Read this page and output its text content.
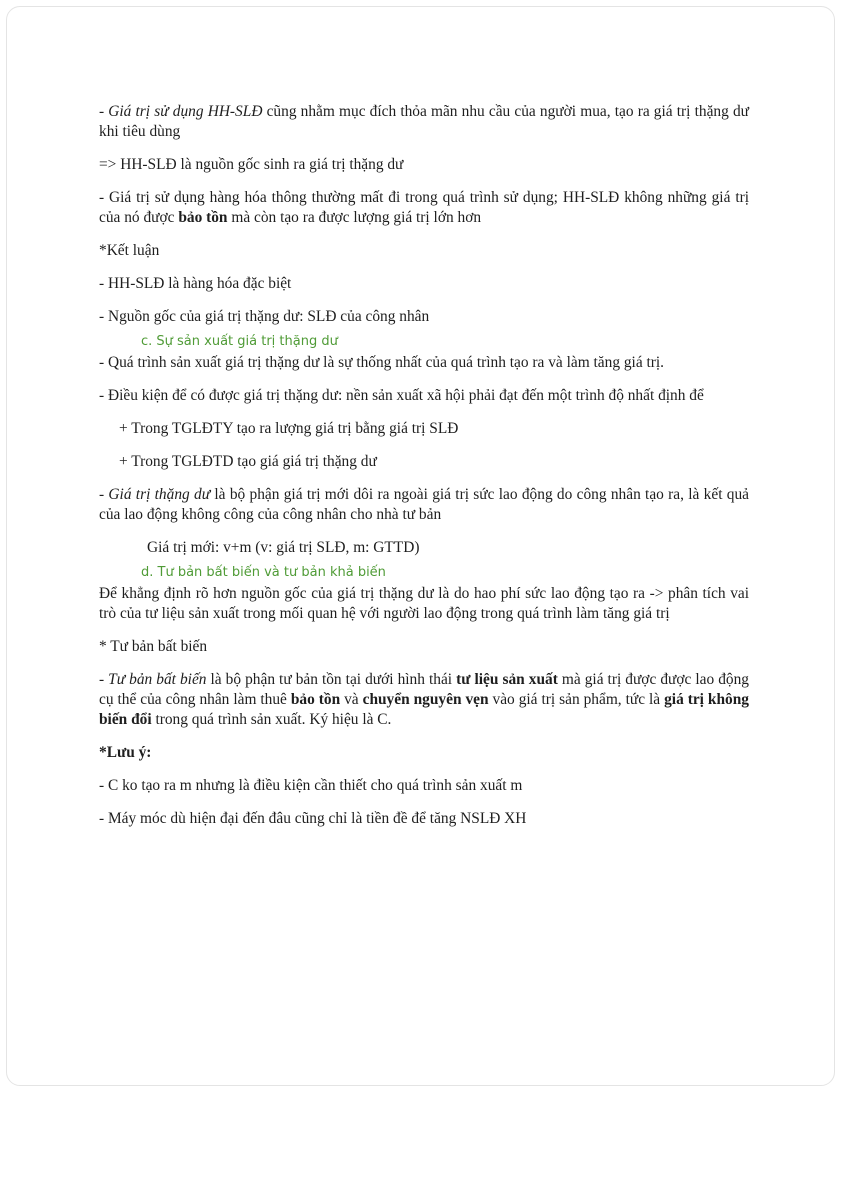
- Giá trị sử dụng HH-SLĐ cũng nhằm mục đích thỏa mãn nhu cầu của người mua, tạo ra giá trị thặng dư khi tiêu dùng

=> HH-SLĐ là nguồn gốc sinh ra giá trị thặng dư

- Giá trị sử dụng hàng hóa thông thường mất đi trong quá trình sử dụng; HH-SLĐ không những giá trị của nó được bảo tồn mà còn tạo ra được lượng giá trị lớn hơn

*Kết luận

- HH-SLĐ là hàng hóa đặc biệt

- Nguồn gốc của giá trị thặng dư: SLĐ của công nhân

c. Sự sản xuất giá trị thặng dư

- Quá trình sản xuất giá trị thặng dư là sự thống nhất của quá trình tạo ra và làm tăng giá trị.

- Điều kiện để có được giá trị thặng dư: nền sản xuất xã hội phải đạt đến một trình độ nhất định để

+ Trong TGLĐTY tạo ra lượng giá trị bằng giá trị SLĐ

+ Trong TGLĐTD tạo giá giá trị thặng dư

- Giá trị thặng dư là bộ phận giá trị mới dôi ra ngoài giá trị sức lao động do công nhân tạo ra, là kết quả của lao động không công của công nhân cho nhà tư bản

Giá trị mới: v+m (v: giá trị SLĐ, m: GTTD)

d. Tư bản bất biến và tư bản khả biến

Để khẳng định rõ hơn nguồn gốc của giá trị thặng dư là do hao phí sức lao động tạo ra -> phân tích vai trò của tư liệu sản xuất trong mối quan hệ với người lao động trong quá trình làm tăng giá trị

* Tư bản bất biến

- Tư bản bất biến là bộ phận tư bản tồn tại dưới hình thái tư liệu sản xuất mà giá trị được được lao động cụ thể của công nhân làm thuê bảo tồn và chuyển nguyên vẹn vào giá trị sản phẩm, tức là giá trị không biến đổi trong quá trình sản xuất. Ký hiệu là C.

*Lưu ý:

- C ko tạo ra m nhưng là điều kiện cần thiết cho quá trình sản xuất m

- Máy móc dù hiện đại đến đâu cũng chỉ là tiền đề để tăng NSLĐ XH
